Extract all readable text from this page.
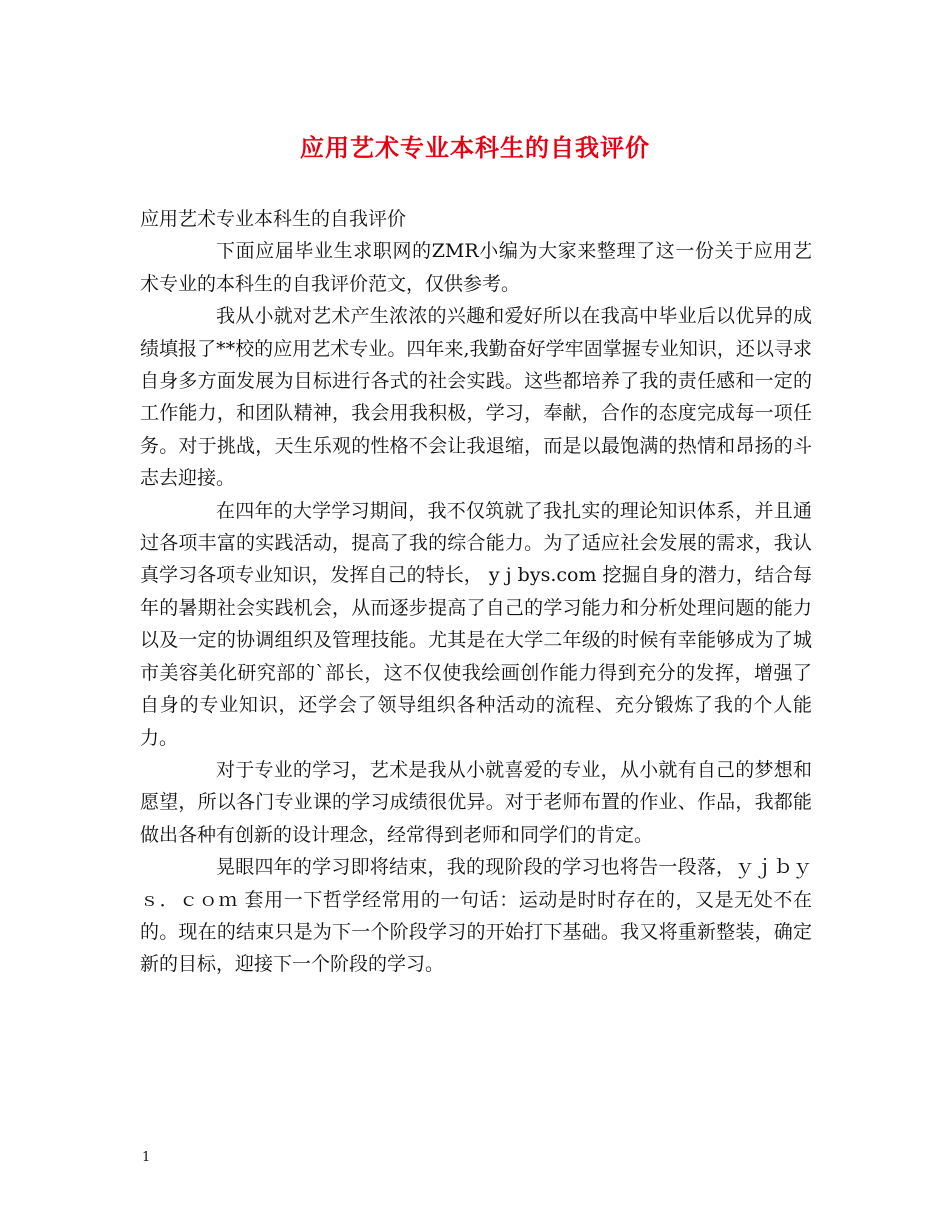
应用艺术专业本科生的自我评价

应用艺术专业本科生的自我评价

下面应届毕业生求职网的ZMR小编为大家来整理了这一份关于应用艺术专业的本科生的自我评价范文，仅供参考。

我从小就对艺术产生浓浓的兴趣和爱好所以在我高中毕业后以优异的成绩填报了**校的应用艺术专业。四年来,我勤奋好学牢固掌握专业知识，还以寻求自身多方面发展为目标进行各式的社会实践。这些都培养了我的责任感和一定的工作能力，和团队精神，我会用我积极，学习，奉献，合作的态度完成每一项任务。对于挑战，天生乐观的性格不会让我退缩，而是以最饱满的热情和昂扬的斗志去迎接。

在四年的大学学习期间，我不仅筑就了我扎实的理论知识体系，并且通过各项丰富的实践活动，提高了我的综合能力。为了适应社会发展的需求，我认真学习各项专业知识，发挥自己的特长， y j bys.com 挖掘自身的潜力，结合每年的暑期社会实践机会，从而逐步提高了自己的学习能力和分析处理问题的能力以及一定的协调组织及管理技能。尤其是在大学二年级的时候有幸能够成为了城市美容美化研究部的`部长，这不仅使我绘画创作能力得到充分的发挥，增强了自身的专业知识，还学会了领导组织各种活动的流程、充分锻炼了我的个人能力。

对于专业的学习，艺术是我从小就喜爱的专业，从小就有自己的梦想和愿望，所以各门专业课的学习成绩很优异。对于老师布置的作业、作品，我都能做出各种有创新的设计理念，经常得到老师和同学们的肯定。

晃眼四年的学习即将结束，我的现阶段的学习也将告一段落，ｙｊｂｙｓ．ｃｏｍ 套用一下哲学经常用的一句话：运动是时时存在的，又是无处不在的。现在的结束只是为下一个阶段学习的开始打下基础。我又将重新整装，确定新的目标，迎接下一个阶段的学习。

1
